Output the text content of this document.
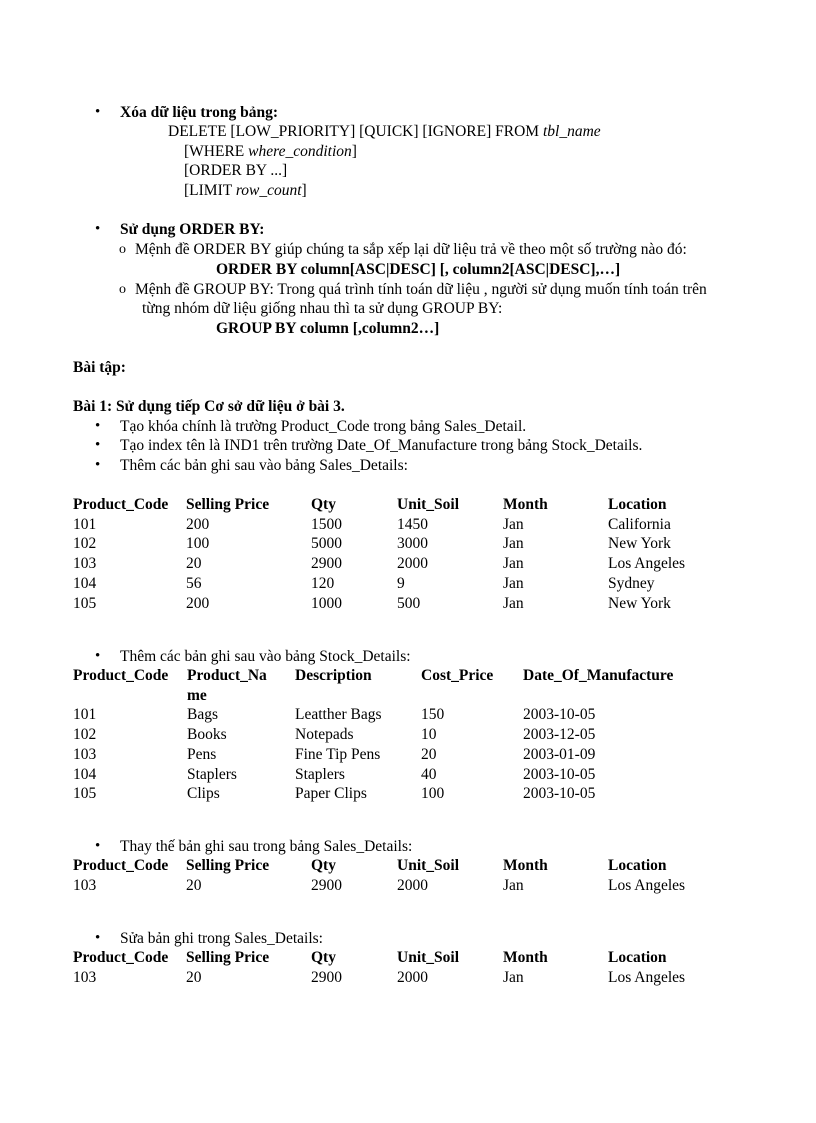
• Xóa dữ liệu trong bảng:
DELETE [LOW_PRIORITY] [QUICK] [IGNORE] FROM tbl_name
[WHERE where_condition]
[ORDER BY ...]
[LIMIT row_count]
• Sử dụng ORDER BY:
o Mệnh đề ORDER BY giúp chúng ta sắp xếp lại dữ liệu trả về theo một số trường nào đó:
ORDER BY column[ASC|DESC] [, column2[ASC|DESC],…]
o Mệnh đề GROUP BY: Trong quá trình tính toán dữ liệu , người sử dụng muốn tính toán trên
từng nhóm dữ liệu giống nhau thì ta sử dụng GROUP BY:
GROUP BY column [,column2…]
Bài tập:
Bài 1: Sử dụng tiếp Cơ sở dữ liệu ở bài 3.
• Tạo khóa chính là trường Product_Code trong bảng Sales_Detail.
• Tạo index tên là IND1 trên trường Date_Of_Manufacture trong bảng Stock_Details.
• Thêm các bản ghi sau vào bảng Sales_Details:
Product_Code	Selling Price	Qty	Unit_Soil	Month	Location
101	200	1500	1450	Jan	California
102	100	5000	3000	Jan	New York
103	20	2900	2000	Jan	Los Angeles
104	56	120	9	Jan	Sydney
105	200	1000	500	Jan	New York
• Thêm các bản ghi sau vào bảng Stock_Details:
Product_Code	Product_Na
me	Description	Cost_Price	Date_Of_Manufacture
101	Bags	Leatther Bags	150	2003-10-05
102	Books	Notepads	10	2003-12-05
103	Pens	Fine Tip Pens	20	2003-01-09
104	Staplers	Staplers	40	2003-10-05
105	Clips	Paper Clips	100	2003-10-05
• Thay thế bản ghi sau trong bảng Sales_Details:
Product_Code	Selling Price	Qty	Unit_Soil	Month	Location
103	20	2900	2000	Jan	Los Angeles
• Sửa bản ghi trong Sales_Details:
Product_Code	Selling Price	Qty	Unit_Soil	Month	Location
103	20	2900	2000	Jan	Los Angeles
